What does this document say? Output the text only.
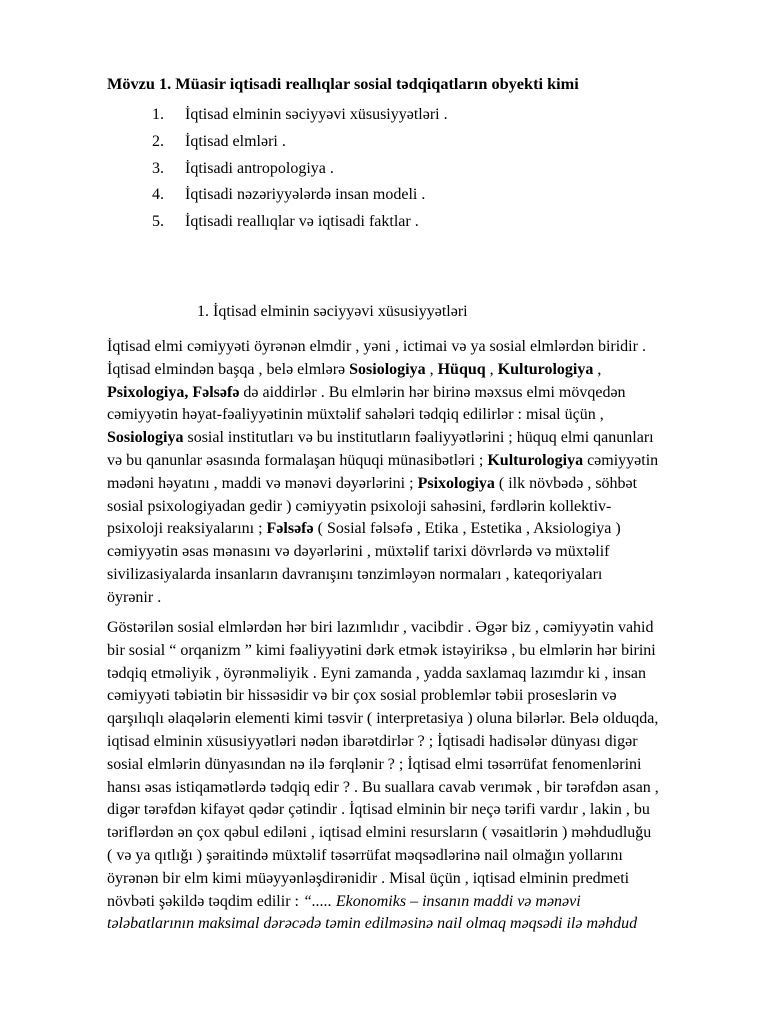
Mövzu 1. Müasir iqtisadi reallıqlar sosial tədqiqatların obyekti kimi
1.	İqtisad elminin səciyyəvi xüsusiyyətləri .
2.	İqtisad elmləri .
3.	İqtisadi antropologiya .
4.	İqtisadi nəzəriyyələrdə insan modeli .
5.	İqtisadi reallıqlar və iqtisadi faktlar .
1. İqtisad elminin səciyyəvi xüsusiyyətləri
İqtisad elmi cəmiyyəti öyrənən elmdir , yəni , ictimai və ya sosial elmlərdən biridir .
İqtisad elmindən başqa , belə elmlərə Sosiologiya , Hüquq , Kulturologiya ,
Psixologiya, Fəlsəfə də aiddirlər . Bu elmlərin hər birinə məxsus elmi mövqedən
cəmiyyətin həyat-fəaliyyətinin müxtəlif sahələri tədqiq edilirlər : misal üçün ,
Sosiologiya sosial institutları və bu institutların fəaliyyətlərini ; hüquq elmi qanunları
və bu qanunlar əsasında formalaşan hüquqi münasibətləri ; Kulturologiya cəmiyyətin
mədəni həyatını , maddi və mənəvi dəyərlərini ; Psixologiya ( ilk növbədə , söhbət
sosial psixologiyadan gedir ) cəmiyyətin psixoloji sahəsini, fərdlərin kollektiv-
psixoloji reaksiyalarını ; Fəlsəfə ( Sosial fəlsəfə , Etika , Estetika , Aksiologiya )
cəmiyyətin əsas mənasını və dəyərlərini , müxtəlif tarixi dövrlərdə və müxtəlif
sivilizasiyalarda insanların davranışını tənzimləyən normaları , kateqoriyaları
öyrənir .
Göstərilən sosial elmlərdən hər biri lazımlıdır , vacibdir . Əgər biz , cəmiyyətin vahid
bir sosial “ orqanizm ” kimi fəaliyyətini dərk etmək istəyiriksə , bu elmlərin hər birini
tədqiq etməliyik , öyrənməliyik . Eyni zamanda , yadda saxlamaq lazımdır ki , insan
cəmiyyəti təbiətin bir hissəsidir və bir çox sosial problemlər təbii proseslərin və
qarşılıqlı əlaqələrin elementi kimi təsvir ( interpretasiya ) oluna bilərlər. Belə olduqda,
iqtisad elminin xüsusiyyətləri nədən ibarətdirlər ? ; İqtisadi hadisələr dünyası digər
sosial elmlərin dünyasından nə ilə fərqlənir ? ; İqtisad elmi təsərrüfat fenomenlərini
hansı əsas istiqamətlərdə tədqiq edir ? . Bu suallara cavab verımək , bir tərəfdən asan ,
digər tərəfdən kifayət qədər çətindir . İqtisad elminin bir neçə tərifi vardır , lakin , bu
təriflərdən ən çox qəbul ediləni , iqtisad elmini resursların ( vəsaitlərin ) məhdudluğu
( və ya qıtlığı ) şəraitində müxtəlif təsərrüfat məqsədlərinə nail olmağın yollarını
öyrənən bir elm kimi müəyyənləşdirənidir . Misal üçün , iqtisad elminin predmeti
növbəti şəkildə təqdim edilir : “..... Ekonomiks – insanın maddi və mənəvi
tələbatlarının maksimal dərəcədə təmin edilməsinə nail olmaq məqsədi ilə məhdud
